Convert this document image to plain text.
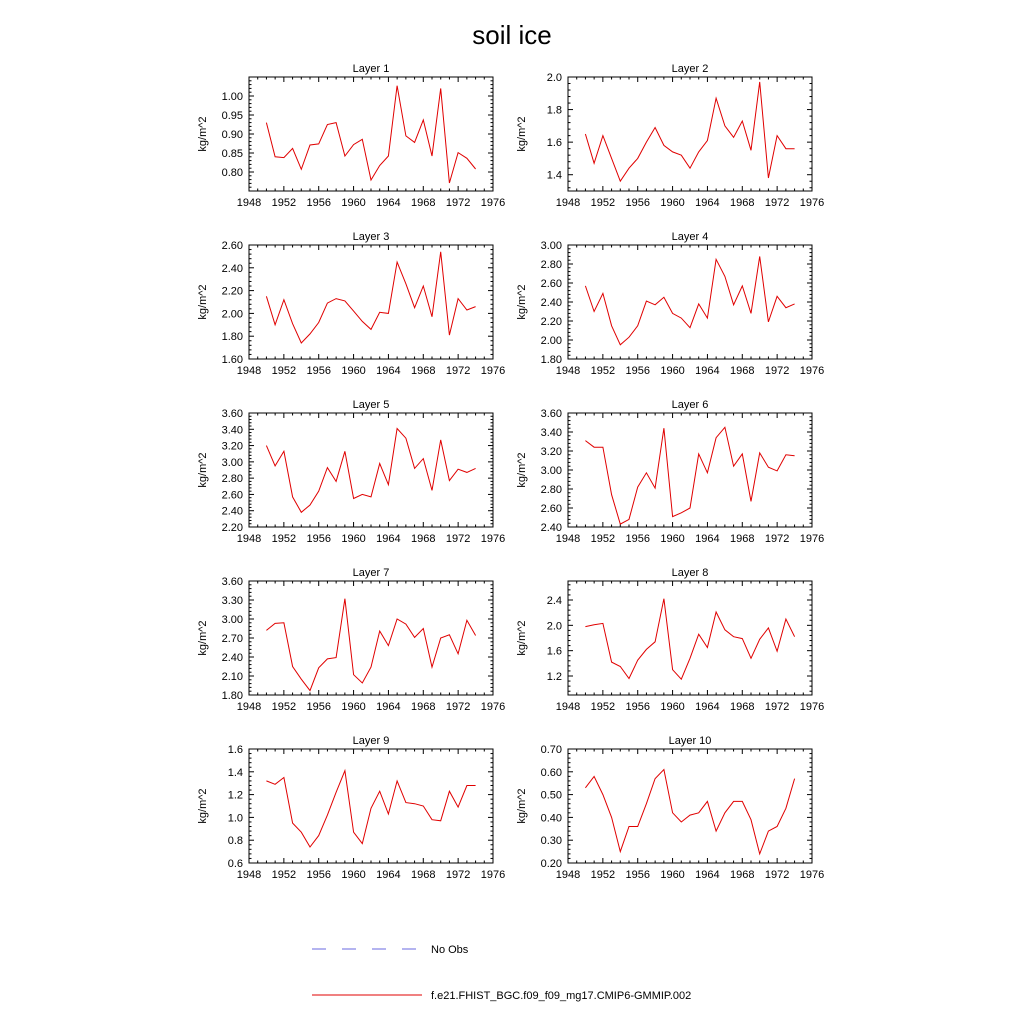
soil ice
Layer 1
kg/m^2
1948 1952 1956 1960 1964 1968 1972 1976
0.80
0.85
0.90
0.95
1.00
Layer 2
kg/m^2
1948 1952 1956 1960 1964 1968 1972 1976
1.4
1.6
1.8
2.0
Layer 3
kg/m^2
1948 1952 1956 1960 1964 1968 1972 1976
1.60
1.80
2.00
2.20
2.40
2.60
Layer 4
kg/m^2
1948 1952 1956 1960 1964 1968 1972 1976
1.80
2.00
2.20
2.40
2.60
2.80
3.00
Layer 5
kg/m^2
1948 1952 1956 1960 1964 1968 1972 1976
2.20
2.40
2.60
2.80
3.00
3.20
3.40
3.60
Layer 6
kg/m^2
1948 1952 1956 1960 1964 1968 1972 1976
2.40
2.60
2.80
3.00
3.20
3.40
3.60
Layer 7
kg/m^2
1948 1952 1956 1960 1964 1968 1972 1976
1.80
2.10
2.40
2.70
3.00
3.30
3.60
Layer 8
kg/m^2
1948 1952 1956 1960 1964 1968 1972 1976
1.2
1.6
2.0
2.4
Layer 9
kg/m^2
1948 1952 1956 1960 1964 1968 1972 1976
0.6
0.8
1.0
1.2
1.4
1.6
Layer 10
kg/m^2
1948 1952 1956 1960 1964 1968 1972 1976
0.20
0.30
0.40
0.50
0.60
0.70
No Obs
f.e21.FHIST_BGC.f09_f09_mg17.CMIP6-GMMIP.002
